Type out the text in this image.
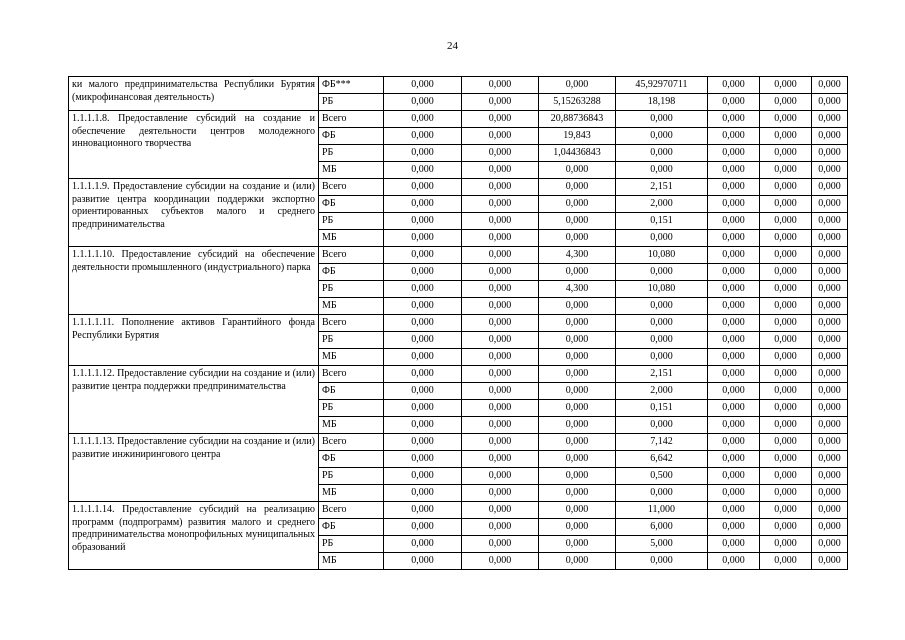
24
ки малого предпринимательства Республики Бурятия (микрофинансовая деятельность)	ФБ***	0,000	0,000	0,000	45,92970711	0,000	0,000	0,000
	РБ	0,000	0,000	5,15263288	18,198	0,000	0,000	0,000
1.1.1.1.8. Предоставление субсидий на создание и обеспечение деятельности центров молодежного инновационного творчества	Всего	0,000	0,000	20,88736843	0,000	0,000	0,000	0,000
	ФБ	0,000	0,000	19,843	0,000	0,000	0,000	0,000
	РБ	0,000	0,000	1,04436843	0,000	0,000	0,000	0,000
	МБ	0,000	0,000	0,000	0,000	0,000	0,000	0,000
1.1.1.1.9. Предоставление субсидии на создание и (или) развитие центра координации поддержки экспортно ориентированных субъектов малого и среднего предпринимательства	Всего	0,000	0,000	0,000	2,151	0,000	0,000	0,000
	ФБ	0,000	0,000	0,000	2,000	0,000	0,000	0,000
	РБ	0,000	0,000	0,000	0,151	0,000	0,000	0,000
	МБ	0,000	0,000	0,000	0,000	0,000	0,000	0,000
1.1.1.1.10. Предоставление субсидий на обеспечение деятельности промышленного (индустриального) парка	Всего	0,000	0,000	4,300	10,080	0,000	0,000	0,000
	ФБ	0,000	0,000	0,000	0,000	0,000	0,000	0,000
	РБ	0,000	0,000	4,300	10,080	0,000	0,000	0,000
	МБ	0,000	0,000	0,000	0,000	0,000	0,000	0,000
1.1.1.1.11. Пополнение активов Гарантийного фонда Республики Бурятия	Всего	0,000	0,000	0,000	0,000	0,000	0,000	0,000
	РБ	0,000	0,000	0,000	0,000	0,000	0,000	0,000
	МБ	0,000	0,000	0,000	0,000	0,000	0,000	0,000
1.1.1.1.12. Предоставление субсидии на создание и (или) развитие центра поддержки предпринимательства	Всего	0,000	0,000	0,000	2,151	0,000	0,000	0,000
	ФБ	0,000	0,000	0,000	2,000	0,000	0,000	0,000
	РБ	0,000	0,000	0,000	0,151	0,000	0,000	0,000
	МБ	0,000	0,000	0,000	0,000	0,000	0,000	0,000
1.1.1.1.13. Предоставление субсидии на создание и (или) развитие инжинирингового центра	Всего	0,000	0,000	0,000	7,142	0,000	0,000	0,000
	ФБ	0,000	0,000	0,000	6,642	0,000	0,000	0,000
	РБ	0,000	0,000	0,000	0,500	0,000	0,000	0,000
	МБ	0,000	0,000	0,000	0,000	0,000	0,000	0,000
1.1.1.1.14. Предоставление субсидий на реализацию программ (подпрограмм) развития малого и среднего предпринимательства монопрофильных муниципальных образований	Всего	0,000	0,000	0,000	11,000	0,000	0,000	0,000
	ФБ	0,000	0,000	0,000	6,000	0,000	0,000	0,000
	РБ	0,000	0,000	0,000	5,000	0,000	0,000	0,000
	МБ	0,000	0,000	0,000	0,000	0,000	0,000	0,000
